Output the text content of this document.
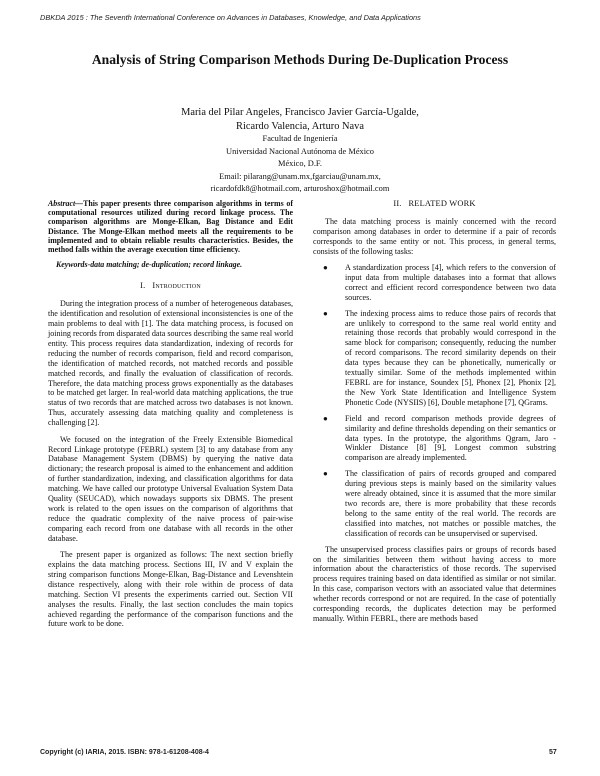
DBKDA 2015 : The Seventh International Conference on Advances in Databases, Knowledge, and Data Applications
Analysis of String Comparison Methods During De-Duplication Process
Maria del Pilar Angeles, Francisco Javier García-Ugalde,
Ricardo Valencia, Arturo Nava
Facultad de Ingeniería
Universidad Nacional Autónoma de México
México, D.F.
Email: pilarang@unam.mx,fgarciau@unam.mx,
ricardofdk8@hotmail.com, arturoshox@hotmail.com

Abstract—This paper presents three comparison algorithms in terms of computational resources utilized during record linkage process. The comparison algorithms are Monge-Elkan, Bag Distance and Edit Distance. The Monge-Elkan method meets all the requirements to be implemented and to obtain reliable results characteristics. Besides, the method falls within the average execution time efficiency.

Keywords-data matching; de-duplication; record linkage.

I. Introduction

During the integration process of a number of heterogeneous databases, the identification and resolution of extensional inconsistencies is one of the main problems to deal with [1]. The data matching process, is focused on joining records from disparated data sources describing the same real world entity. This process requires data standardization, indexing of records for reducing the number of records comparison, field and record comparison, the identification of matched records, not matched records and possible matched records, and finally the evaluation of classification of records. Therefore, the data matching process grows exponentially as the databases to be matched get larger. In real-world data matching applications, the true status of two records that are matched across two databases is not known. Thus, accurately assessing data matching quality and completeness is challenging [2].

We focused on the integration of the Freely Extensible Biomedical Record Linkage prototype (FEBRL) system [3] to any database from any Database Management System (DBMS) by querying the native data dictionary; the research proposal is aimed to the enhancement and addition of further standardization, indexing, and classification algorithms for data matching. We have called our prototype Universal Evaluation System Data Quality (SEUCAD), which nowadays supports six DBMS. The present work is related to the open issues on the comparison of algorithms that reduce the quadratic complexity of the naive process of pair-wise comparing each record from one database with all records in the other database.

The present paper is organized as follows: The next section briefly explains the data matching process. Sections III, IV and V explain the string comparison functions Monge-Elkan, Bag-Distance and Levenshtein distance respectively, along with their role within de process of data matching. Section VI presents the experiments carried out. Section VII analyses the results. Finally, the last section concludes the main topics achieved regarding the performance of the comparison functions and the future work to be done.

II. RELATED WORK

The data matching process is mainly concerned with the record comparison among databases in order to determine if a pair of records corresponds to the same entity or not. This process, in general terms, consists of the following tasks:

● A standardization process [4], which refers to the conversion of input data from multiple databases into a format that allows correct and efficient record correspondence between two data sources.
● The indexing process aims to reduce those pairs of records that are unlikely to correspond to the same real world entity and retaining those records that probably would correspond in the same block for comparison; consequently, reducing the number of record comparisons. The record similarity depends on their data types because they can be phonetically, numerically or textually similar. Some of the methods implemented within FEBRL are for instance, Soundex [5], Phonex [2], Phonix [2], the New York State Identification and Intelligence System Phonetic Code (NYSIIS) [6], Double metaphone [7], QGrams.
● Field and record comparison methods provide degrees of similarity and define thresholds depending on their semantics or data types. In the prototype, the algorithms Qgram, Jaro - Winkler Distance [8] [9], Longest common substring comparison are already implemented.
● The classification of pairs of records grouped and compared during previous steps is mainly based on the similarity values were already obtained, since it is assumed that the more similar two records are, there is more probability that these records belong to the same entity of the real world. The records are classified into matches, not matches or possible matches, the classification of records can be unsupervised or supervised.

The unsupervised process classifies pairs or groups of records based on the similarities between them without having access to more information about the characteristics of those records. The supervised process requires training based on data identified as similar or not similar. In this case, comparison vectors with an associated value that determines whether records correspond or not are required. In the case of potentially corresponding records, the duplicates detection may be performed manually. Within FEBRL, there are methods based

Copyright (c) IARIA, 2015. ISBN: 978-1-61208-408-4	57
